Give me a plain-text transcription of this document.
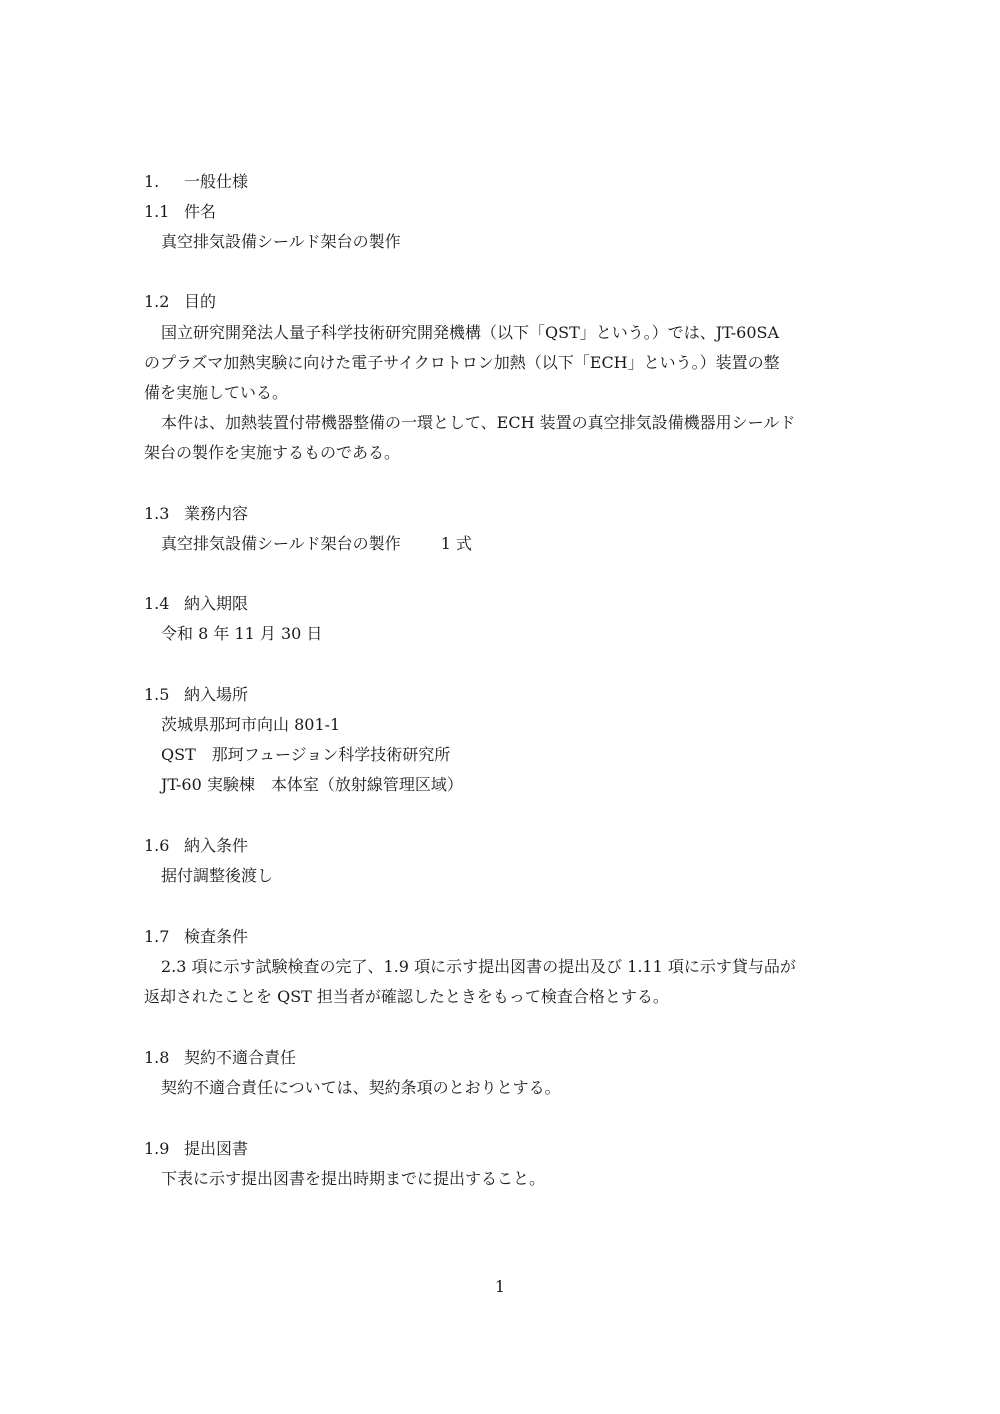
1. 一般仕様
1.1 件名
真空排気設備シールド架台の製作
1.2 目的
国立研究開発法人量子科学技術研究開発機構（以下「QST」という。）では、JT-60SA
のプラズマ加熱実験に向けた電子サイクロトロン加熱（以下「ECH」という。）装置の整
備を実施している。
本件は、加熱装置付帯機器整備の一環として、ECH 装置の真空排気設備機器用シールド
架台の製作を実施するものである。
1.3 業務内容
真空排気設備シールド架台の製作	1 式
1.4 納入期限
令和 8 年 11 月 30 日
1.5 納入場所
茨城県那珂市向山 801-1
QST　那珂フュージョン科学技術研究所
JT-60 実験棟　本体室（放射線管理区域）
1.6 納入条件
据付調整後渡し
1.7 検査条件
2.3 項に示す試験検査の完了、1.9 項に示す提出図書の提出及び 1.11 項に示す貸与品が
返却されたことを QST 担当者が確認したときをもって検査合格とする。
1.8 契約不適合責任
契約不適合責任については、契約条項のとおりとする。
1.9 提出図書
下表に示す提出図書を提出時期までに提出すること。
1
